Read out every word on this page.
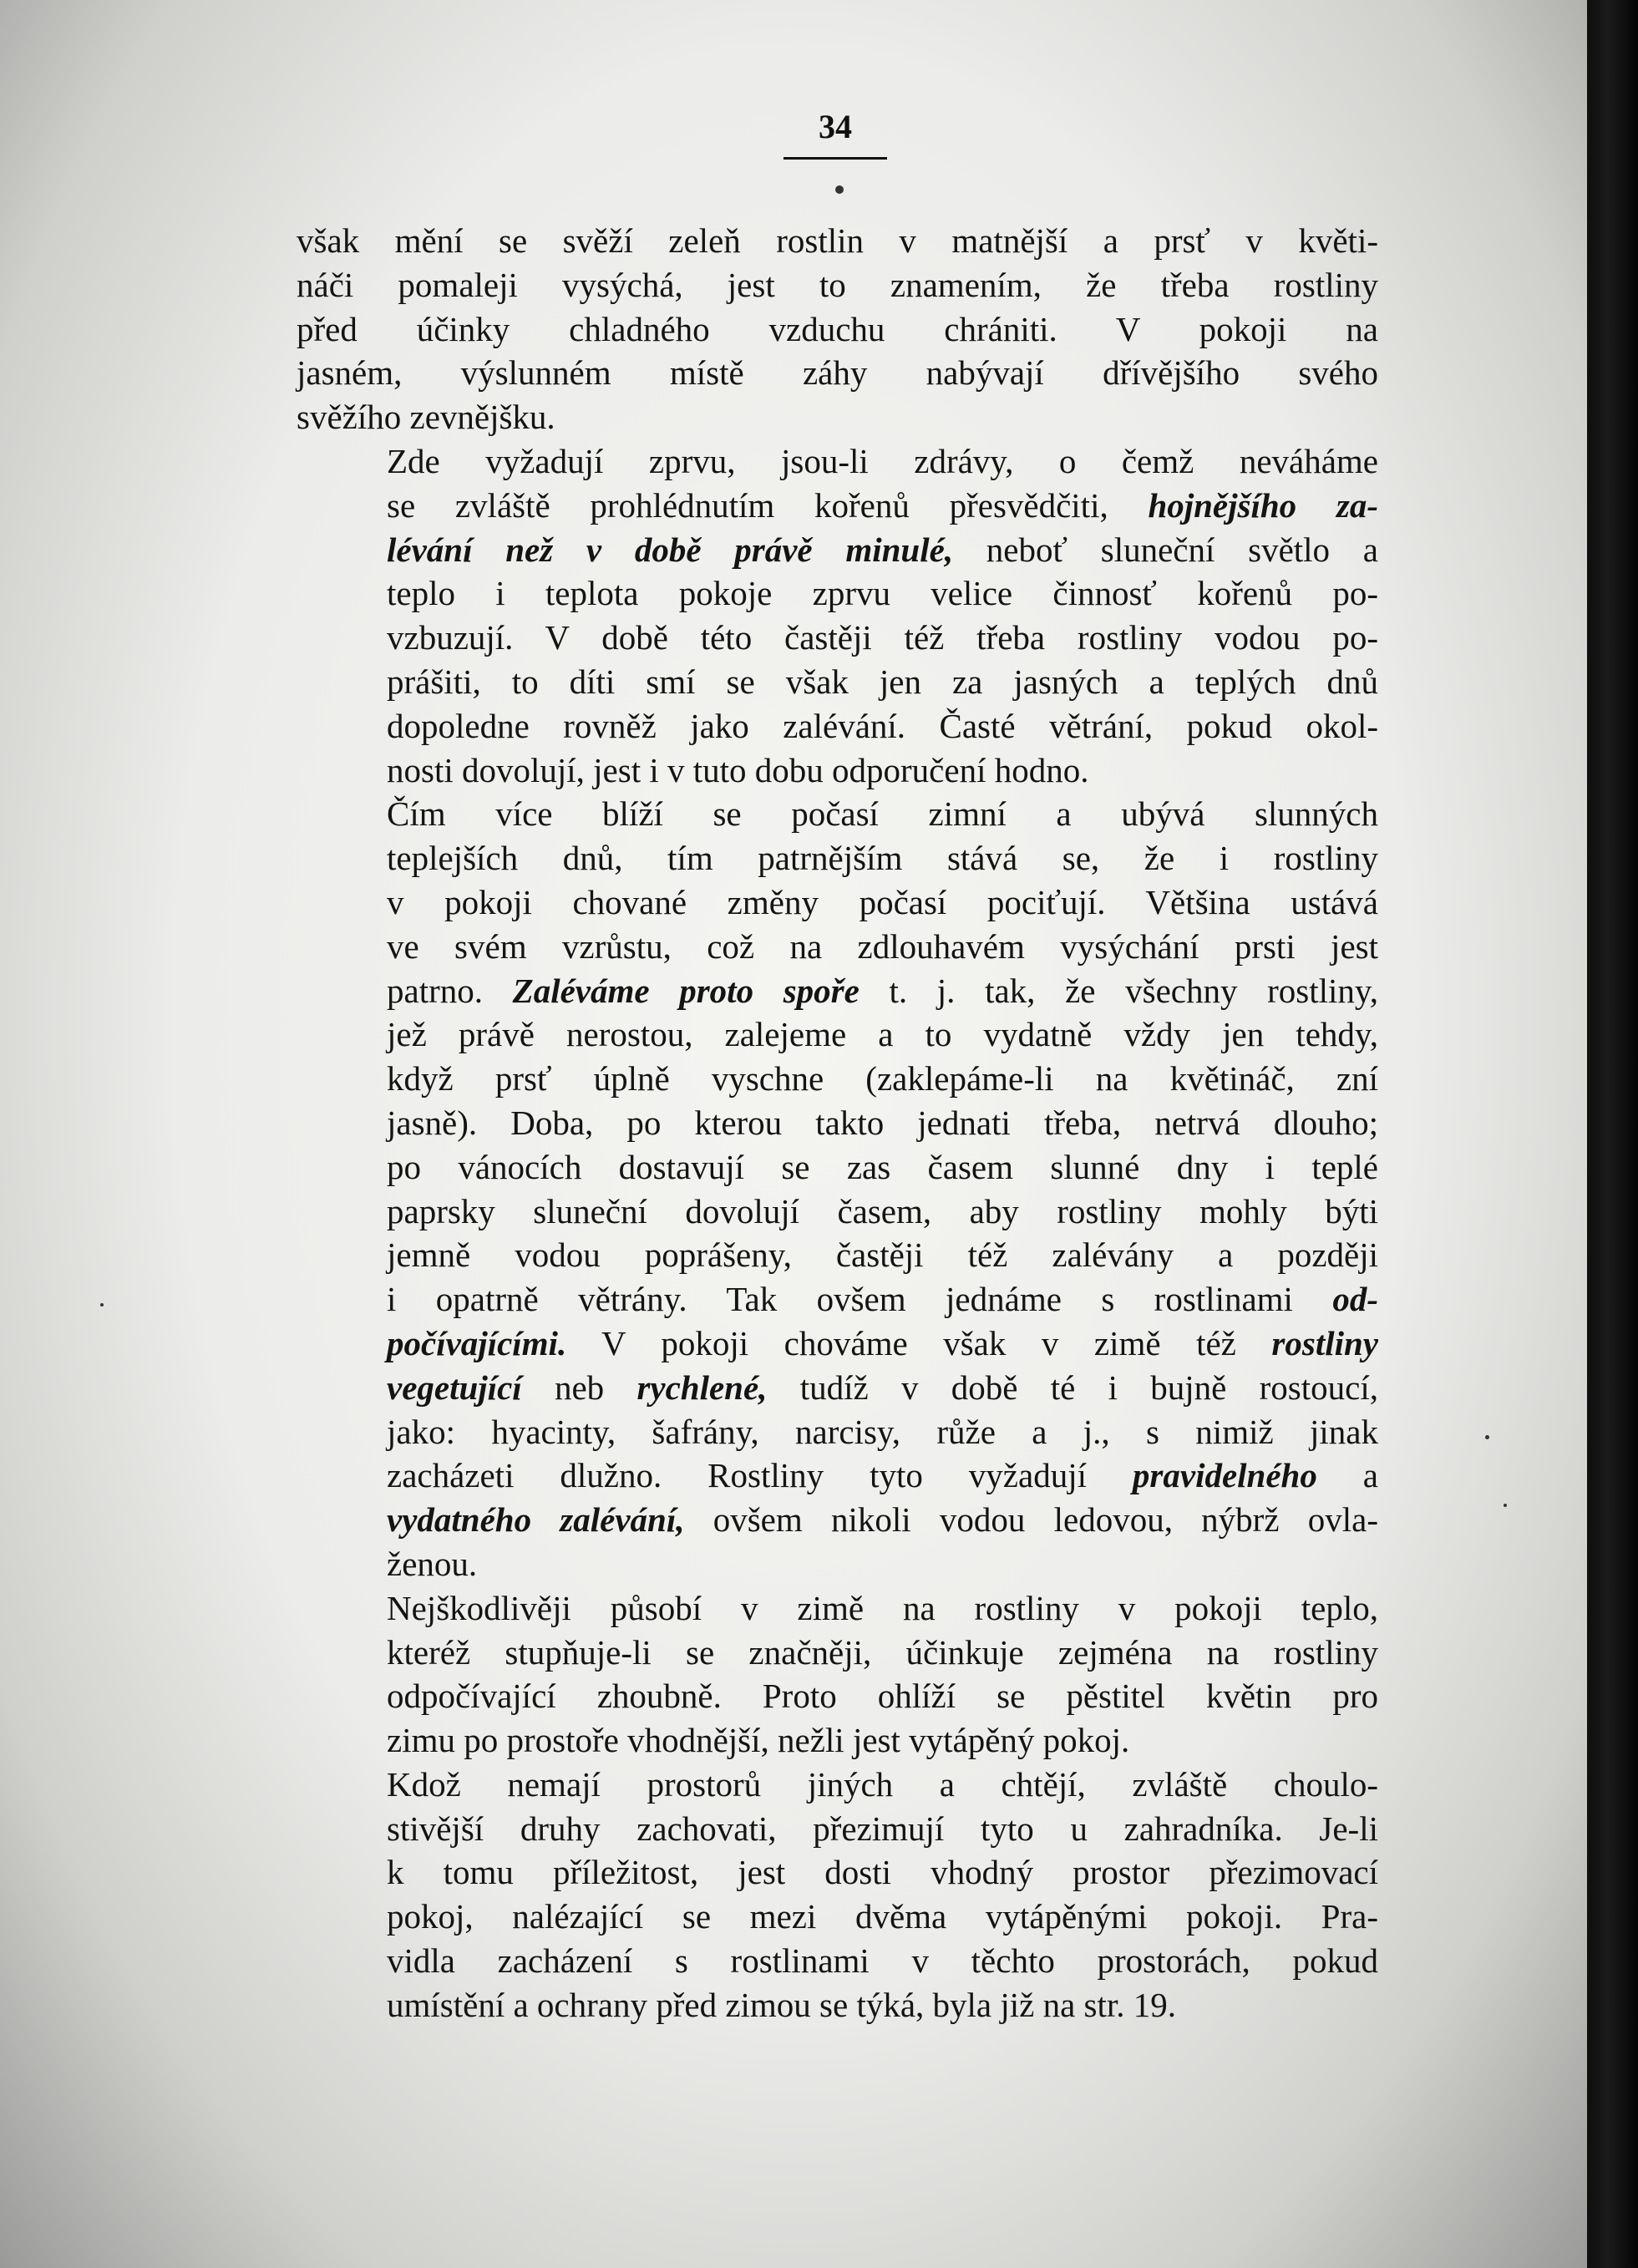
34
však mění se svěží zeleň rostlin v matnější a prsť v květi-
náči pomaleji vysýchá, jest to znamením, že třeba rostliny
před účinky chladného vzduchu chrániti. V pokoji na
jasném, výslunném místě záhy nabývají dřívějšího svého
svěžího zevnějšku.
Zde vyžadují zprvu, jsou-li zdrávy, o čemž neváháme
se zvláště prohlédnutím kořenů přesvědčiti, hojnějšího za-
lévání než v době právě minulé, neboť sluneční světlo a
teplo i teplota pokoje zprvu velice činnosť kořenů po-
vzbuzují. V době této častěji též třeba rostliny vodou po-
prášiti, to díti smí se však jen za jasných a teplých dnů
dopoledne rovněž jako zalévání. Časté větrání, pokud okol-
nosti dovolují, jest i v tuto dobu odporučení hodno.
Čím více blíží se počasí zimní a ubývá slunných
teplejších dnů, tím patrnějším stává se, že i rostliny
v pokoji chované změny počasí pociťují. Většina ustává
ve svém vzrůstu, což na zdlouhavém vysýchání prsti jest
patrno. Zaléváme proto spoře t. j. tak, že všechny rostliny,
jež právě nerostou, zalejeme a to vydatně vždy jen tehdy,
když prsť úplně vyschne (zaklepáme-li na květináč, zní
jasně). Doba, po kterou takto jednati třeba, netrvá dlouho;
po vánocích dostavují se zas časem slunné dny i teplé
paprsky sluneční dovolují časem, aby rostliny mohly býti
jemně vodou poprášeny, častěji též zalévány a později
i opatrně větrány. Tak ovšem jednáme s rostlinami od-
počívajícími. V pokoji chováme však v zimě též rostliny
vegetující neb rychlené, tudíž v době té i bujně rostoucí,
jako: hyacinty, šafrány, narcisy, růže a j., s nimiž jinak
zacházeti dlužno. Rostliny tyto vyžadují pravidelného a
vydatného zalévání, ovšem nikoli vodou ledovou, nýbrž ovla-
ženou.
Nejškodlivěji působí v zimě na rostliny v pokoji teplo,
kteréž stupňuje-li se značněji, účinkuje zejména na rostliny
odpočívající zhoubně. Proto ohlíží se pěstitel květin pro
zimu po prostoře vhodnější, nežli jest vytápěný pokoj.
Kdož nemají prostorů jiných a chtějí, zvláště choulo-
stivější druhy zachovati, přezimují tyto u zahradníka. Je-li
k tomu příležitost, jest dosti vhodný prostor přezimovací
pokoj, nalézající se mezi dvěma vytápěnými pokoji. Pra-
vidla zacházení s rostlinami v těchto prostorách, pokud
umístění a ochrany před zimou se týká, byla již na str. 19.
